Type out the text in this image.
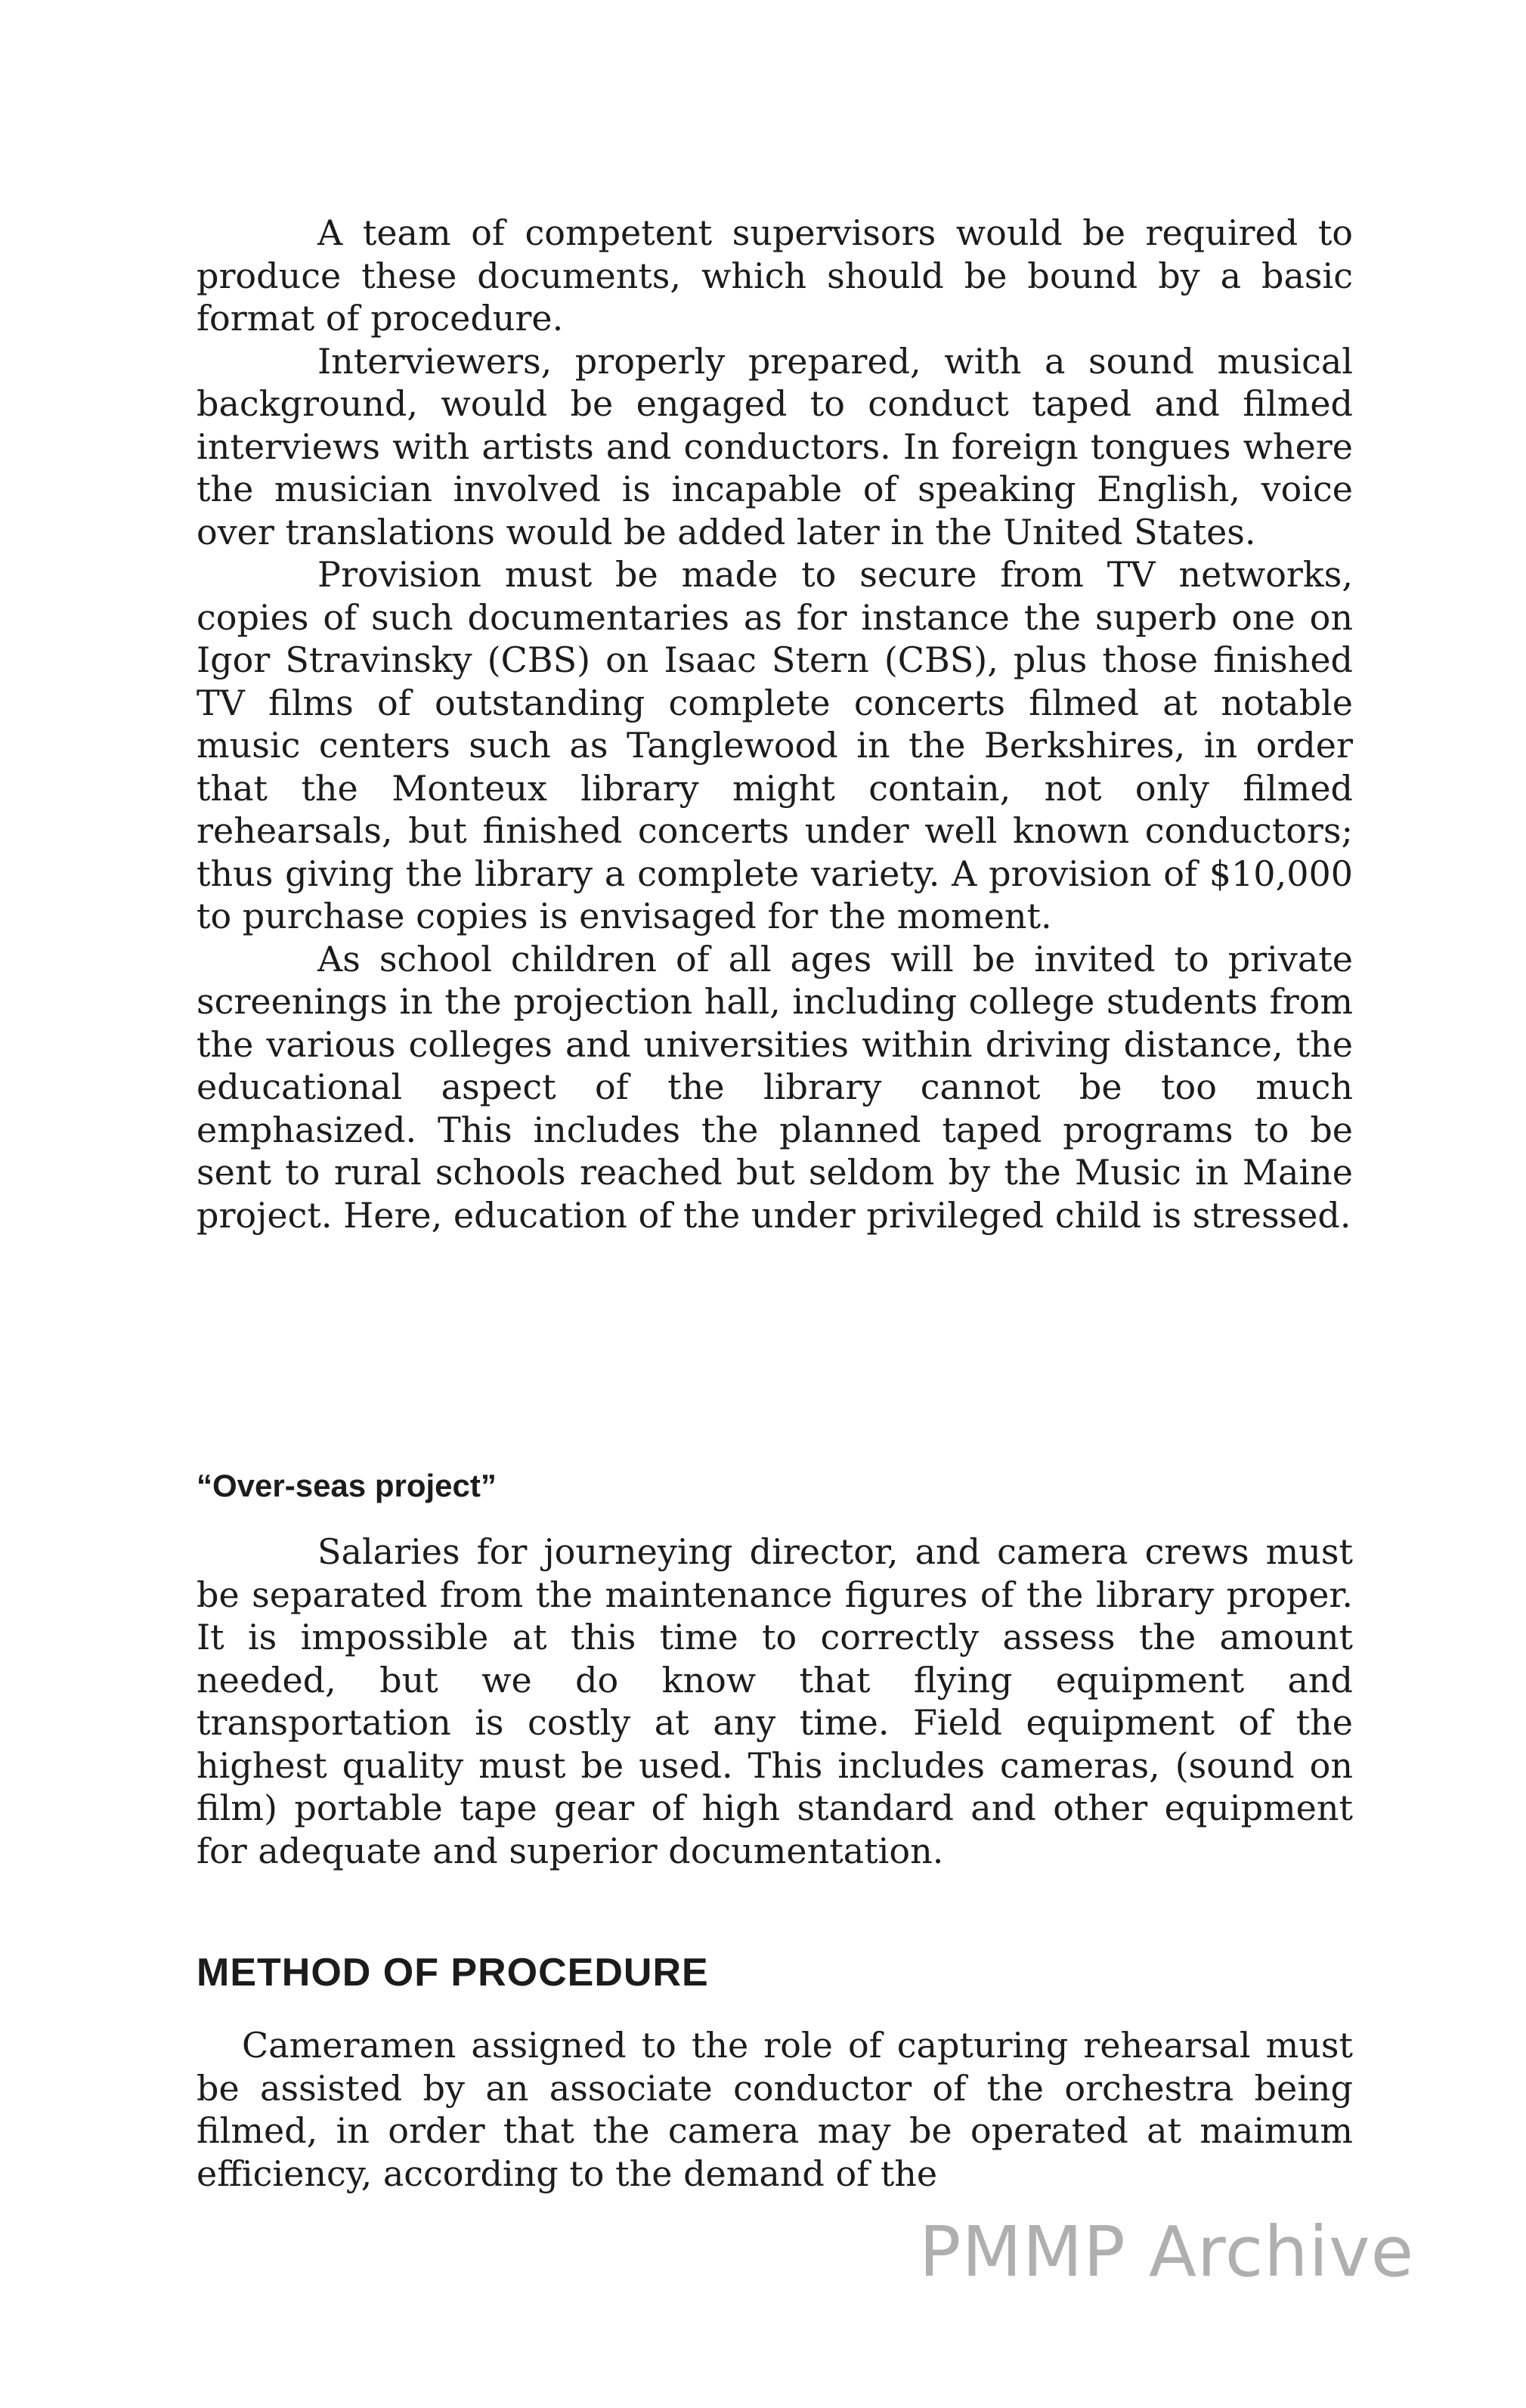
A team of competent supervisors would be required to produce these documents, which should be bound by a basic format of procedure.

Interviewers, properly prepared, with a sound musical background, would be engaged to conduct taped and filmed interviews with artists and conductors. In foreign tongues where the musician involved is incapable of speaking English, voice over translations would be added later in the United States.

Provision must be made to secure from TV networks, copies of such documentaries as for instance the superb one on Igor Stravinsky (CBS) on Isaac Stern (CBS), plus those finished TV films of outstanding complete concerts filmed at notable music centers such as Tanglewood in the Berkshires, in order that the Monteux library might contain, not only filmed rehearsals, but finished concerts under well known conductors; thus giving the library a complete variety. A provision of $10,000 to purchase copies is envisaged for the moment.

As school children of all ages will be invited to private screenings in the projection hall, including college students from the various colleges and universities within driving distance, the educational aspect of the library cannot be too much emphasized. This includes the planned taped programs to be sent to rural schools reached but seldom by the Music in Maine project. Here, education of the under privileged child is stressed.

“Over-seas project”

Salaries for journeying director, and camera crews must be separated from the maintenance figures of the library proper. It is impossible at this time to correctly assess the amount needed, but we do know that flying equipment and transportation is costly at any time. Field equipment of the highest quality must be used. This includes cameras, (sound on film) portable tape gear of high standard and other equipment for adequate and superior documentation.

METHOD OF PROCEDURE

Cameramen assigned to the role of capturing rehearsal must be assisted by an associate conductor of the orchestra being filmed, in order that the camera may be operated at maimum efficiency, according to the demand of the

PMMP Archive
